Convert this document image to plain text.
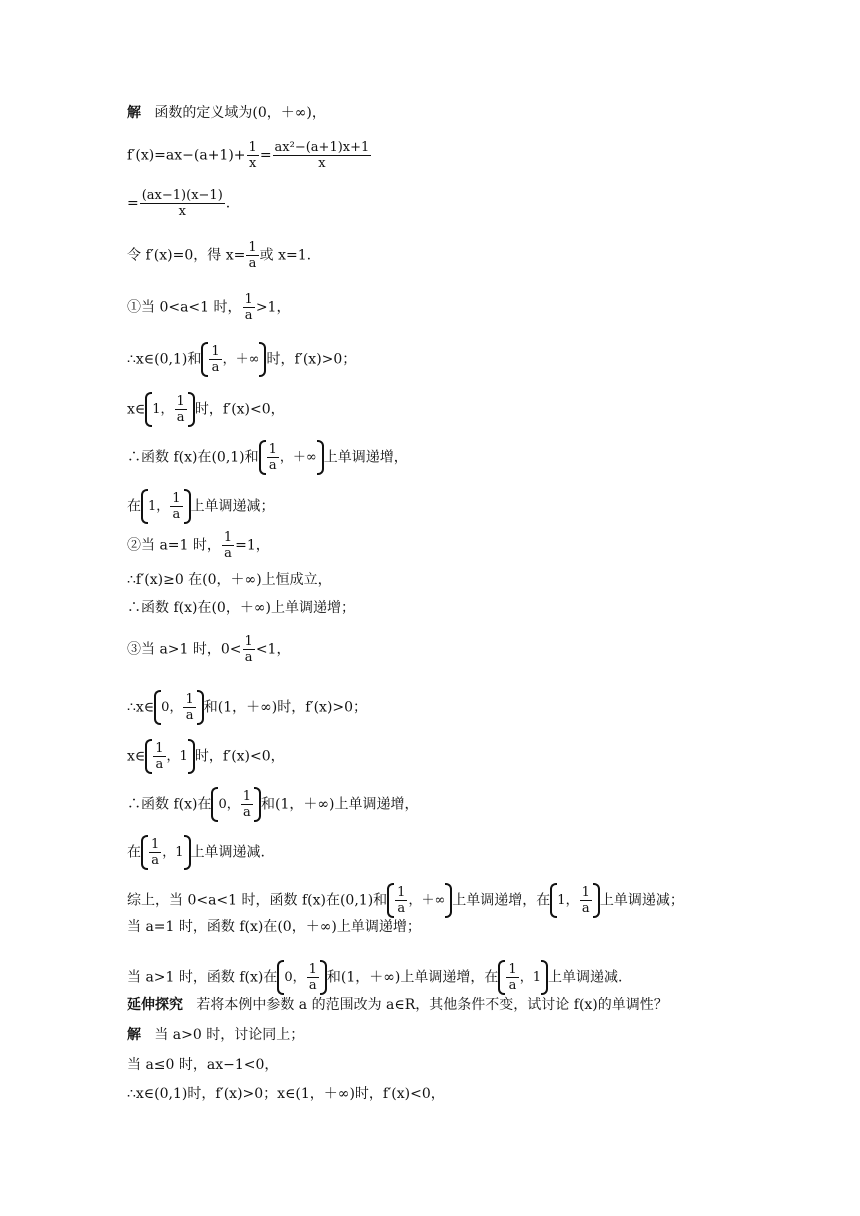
解 函数的定义域为(0，＋∞)，
$f'(x)=ax-(a+1)+ \frac{1}{x} = \frac{\text{ax²−(a+1)x+1}}{x}$
= $\frac{(ax-1)(x-1)}{x}$ .
令 f′(x)=0，得 $x= \frac{1}{a}$ 或 x=1.
①当 0<a<1 时， $\frac{1}{a} >1$，
∴x∈(0,1)和 $\frac{1}{a}$ ，＋∞ 时，f′(x)>0；
x∈ 1， $\frac{1}{a}$ 时，f′(x)<0，
∴函数 f(x)在(0,1)和 $\frac{1}{a}$ ，＋∞ 上单调递增，
在 1， $\frac{1}{a}$ 上单调递减；
②当 a=1 时， $\frac{1}{a} =1$，
∴f′(x)≥0 在(0，＋∞)上恒成立，
∴函数 f(x)在(0，＋∞)上单调递增；
③当 a>1 时，$0< \frac{1}{a} <1$，
∴x∈ 0， $\frac{1}{a}$ 和(1，＋∞)时，f′(x)>0；
x∈ $\frac{1}{a}$ ，1 时，f′(x)<0，
∴函数 f(x)在 0， $\frac{1}{a}$ 和(1，＋∞)上单调递增，
在 $\frac{1}{a}$ ，1 上单调递减.
综上，当 0<a<1 时，函数 f(x)在(0,1)和 $\frac{1}{a}$ ，＋∞ 上单调递增，在 1， $\frac{1}{a}$ 上单调递减；
当 a=1 时，函数 f(x)在(0，＋∞)上单调递增；
当 a>1 时，函数 f(x)在 0， $\frac{1}{a}$ 和(1，＋∞)上单调递增，在 $\frac{1}{a}$ ，1 上单调递减.
延伸探究 若将本例中参数 a 的范围改为 a∈R，其他条件不变，试讨论 f(x)的单调性？
解 当 a>0 时，讨论同上；
当 a≤0 时，ax−1<0，
∴x∈(0,1)时，f′(x)>0；x∈(1，＋∞)时，f′(x)<0，
